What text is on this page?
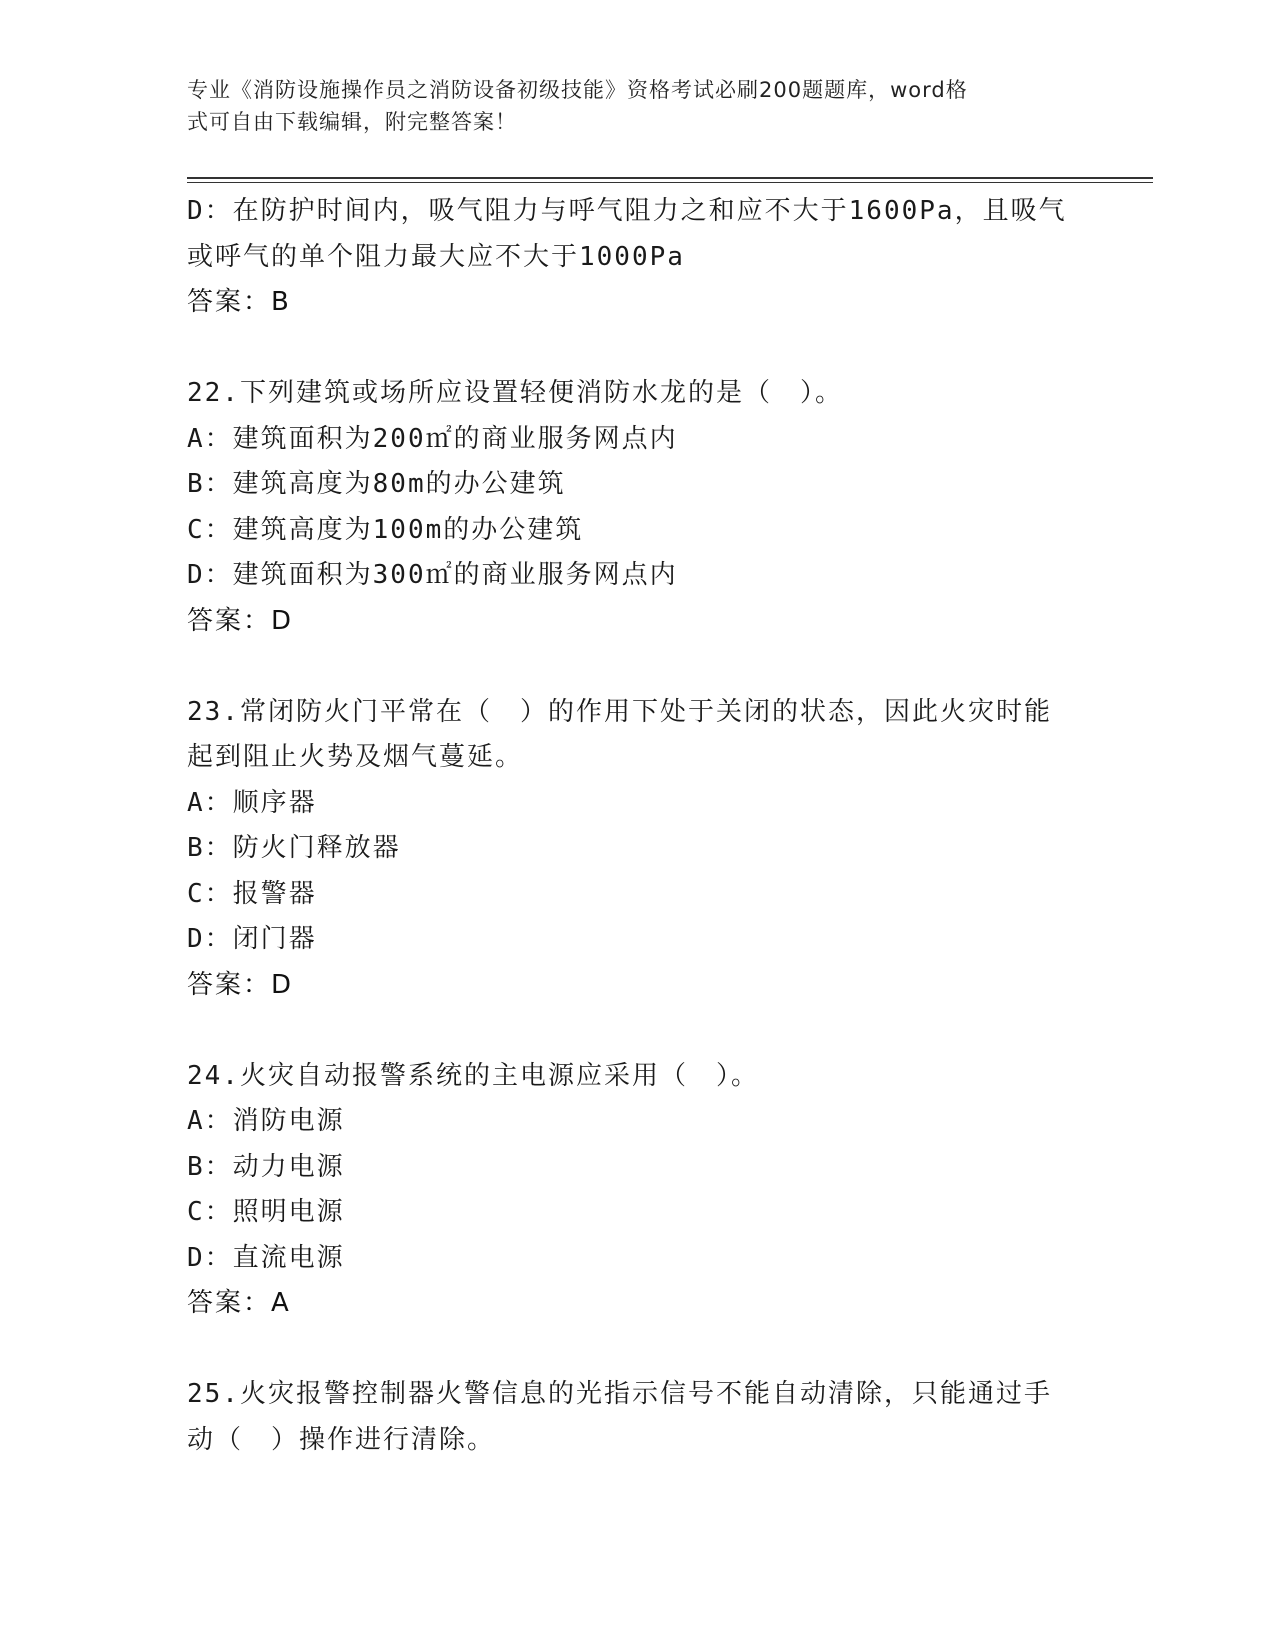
专业《消防设施操作员之消防设备初级技能》资格考试必刷200题题库，word格
式可自由下载编辑，附完整答案！
D：在防护时间内，吸气阻力与呼气阻力之和应不大于1600Pa，且吸气
或呼气的单个阻力最大应不大于1000Pa
答案：B
22.下列建筑或场所应设置轻便消防水龙的是（　）。
A：建筑面积为200㎡的商业服务网点内
B：建筑高度为80m的办公建筑
C：建筑高度为100m的办公建筑
D：建筑面积为300㎡的商业服务网点内
答案：D
23.常闭防火门平常在（　）的作用下处于关闭的状态，因此火灾时能
起到阻止火势及烟气蔓延。
A：顺序器
B：防火门释放器
C：报警器
D：闭门器
答案：D
24.火灾自动报警系统的主电源应采用（　）。
A：消防电源
B：动力电源
C：照明电源
D：直流电源
答案：A
25.火灾报警控制器火警信息的光指示信号不能自动清除，只能通过手
动（　）操作进行清除。
